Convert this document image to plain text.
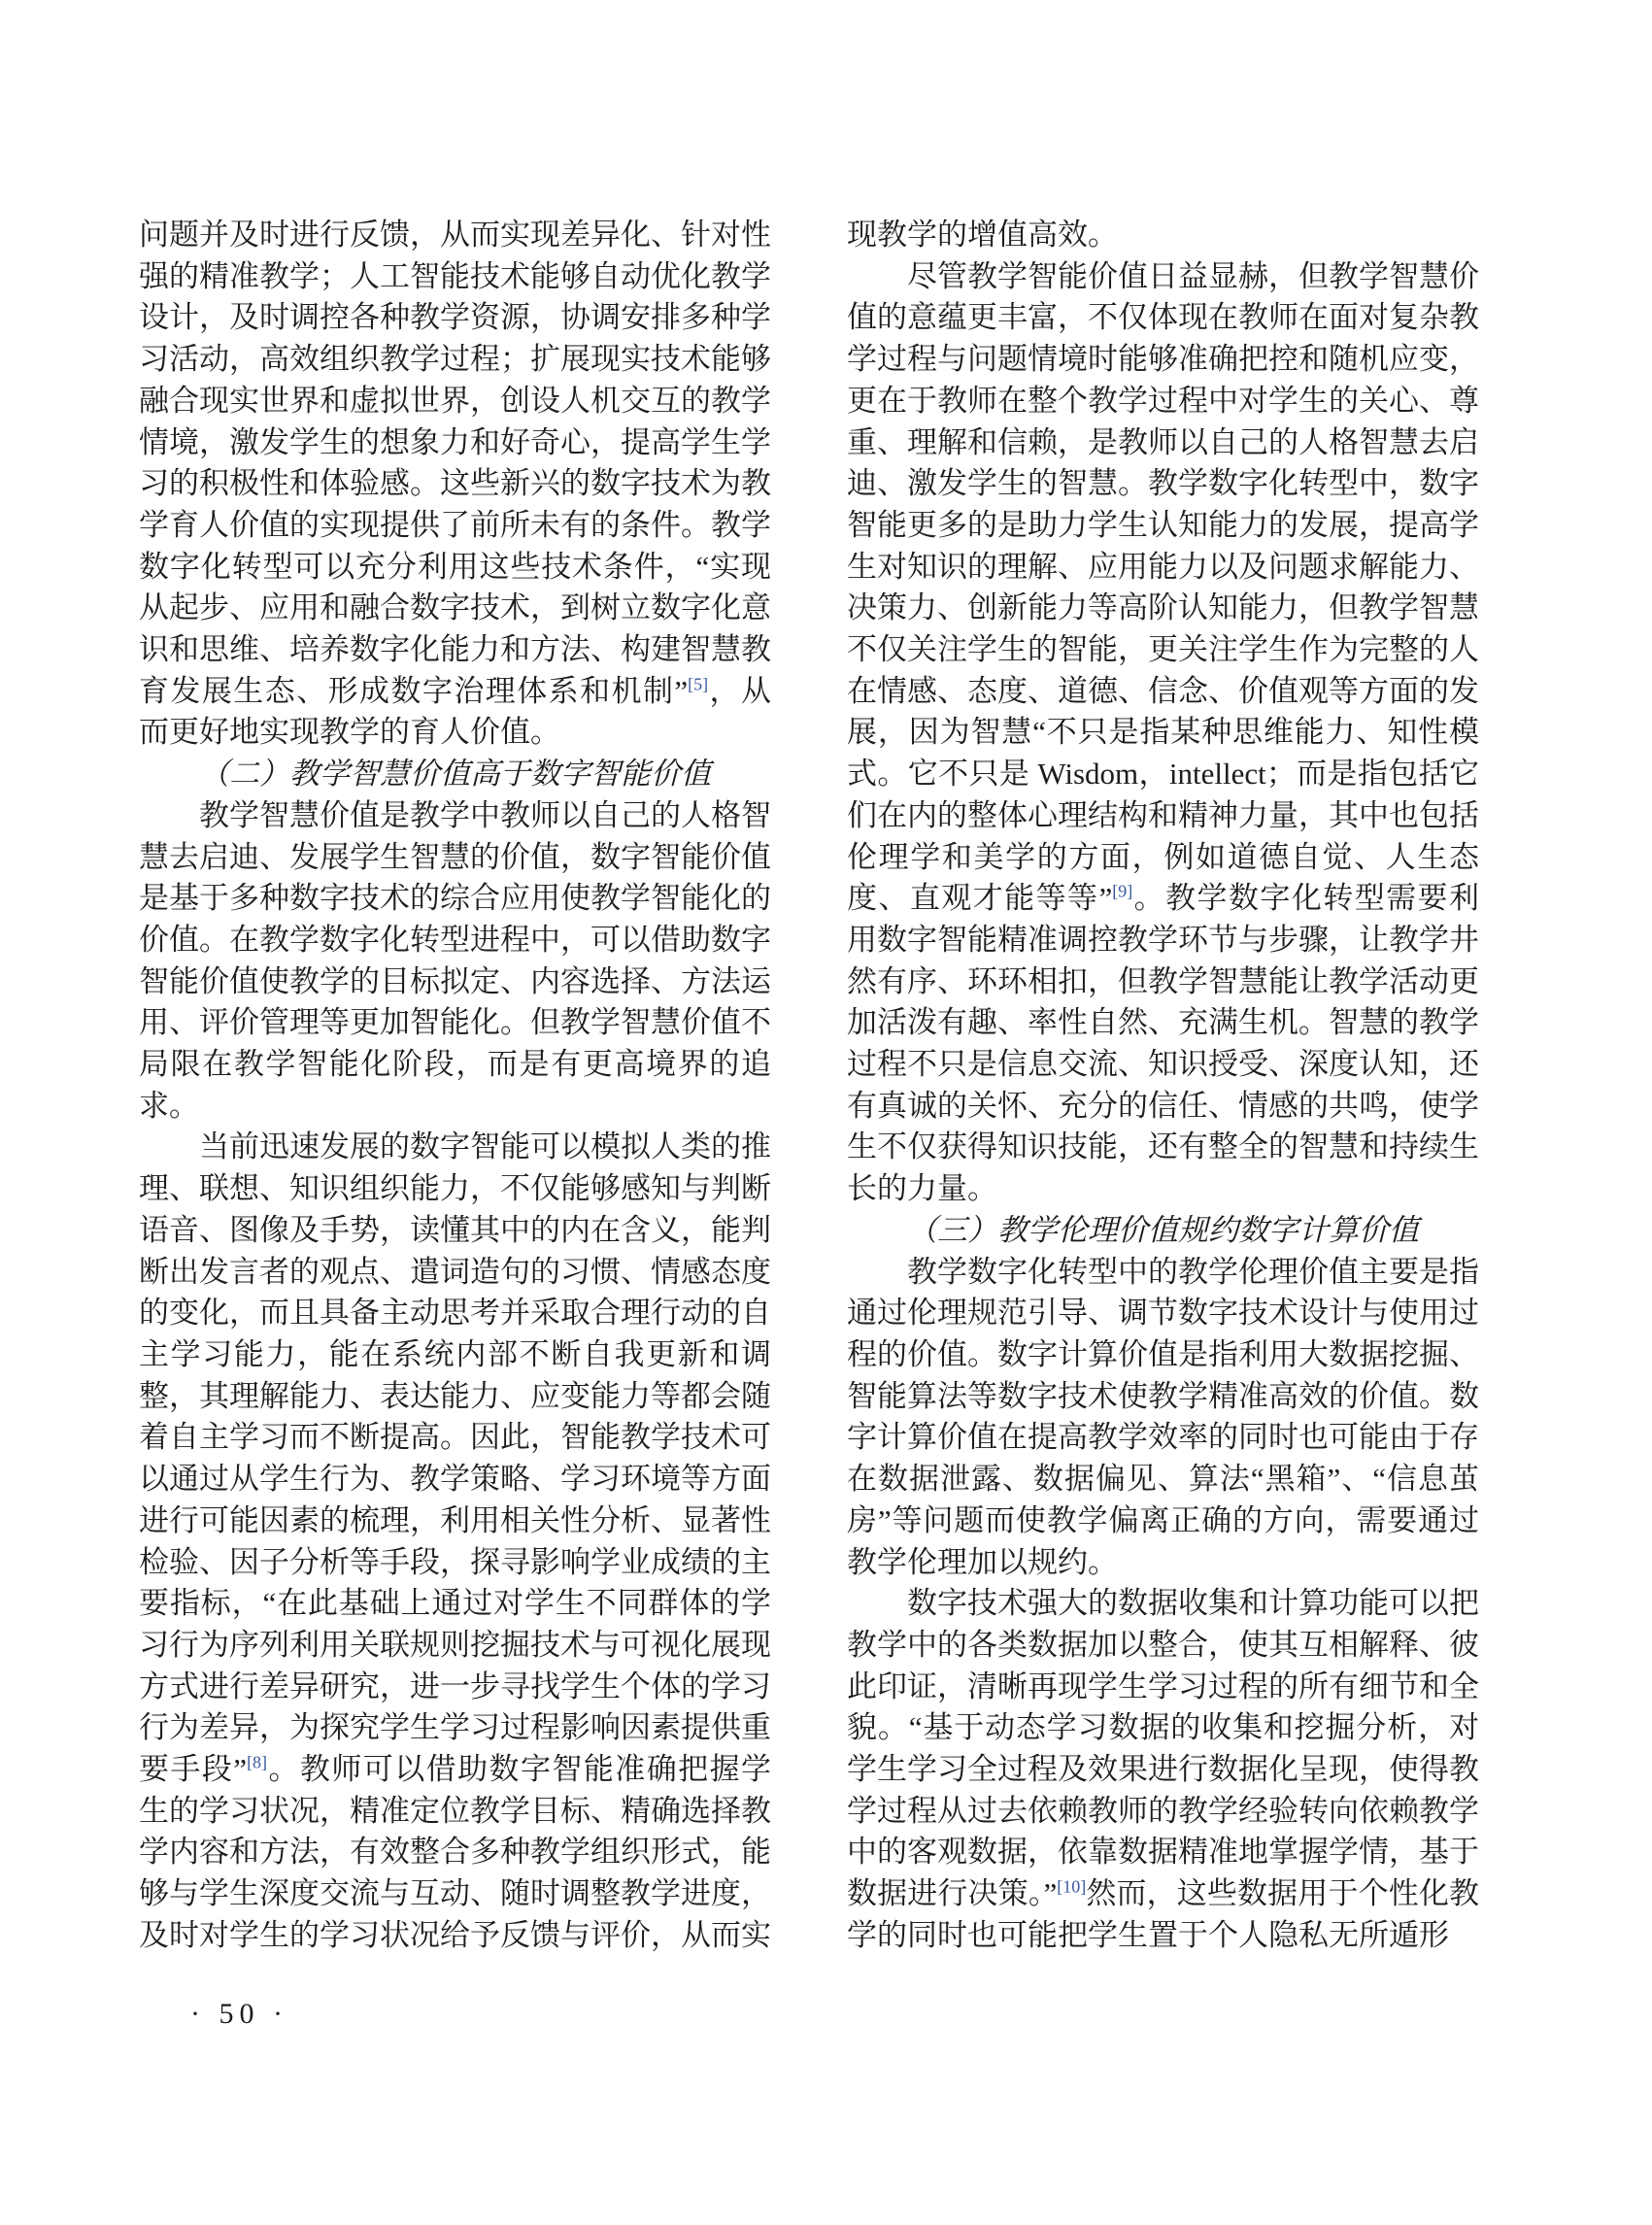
问题并及时进行反馈，从而实现差异化、针对性强的精准教学；人工智能技术能够自动优化教学设计，及时调控各种教学资源，协调安排多种学习活动，高效组织教学过程；扩展现实技术能够融合现实世界和虚拟世界，创设人机交互的教学情境，激发学生的想象力和好奇心，提高学生学习的积极性和体验感。这些新兴的数字技术为教学育人价值的实现提供了前所未有的条件。教学数字化转型可以充分利用这些技术条件，“实现从起步、应用和融合数字技术，到树立数字化意识和思维、培养数字化能力和方法、构建智慧教育发展生态、形成数字治理体系和机制”[5]，从而更好地实现教学的育人价值。

（二）教学智慧价值高于数字智能价值

教学智慧价值是教学中教师以自己的人格智慧去启迪、发展学生智慧的价值，数字智能价值是基于多种数字技术的综合应用使教学智能化的价值。在教学数字化转型进程中，可以借助数字智能价值使教学的目标拟定、内容选择、方法运用、评价管理等更加智能化。但教学智慧价值不局限在教学智能化阶段，而是有更高境界的追求。

当前迅速发展的数字智能可以模拟人类的推理、联想、知识组织能力，不仅能够感知与判断语音、图像及手势，读懂其中的内在含义，能判断出发言者的观点、遣词造句的习惯、情感态度的变化，而且具备主动思考并采取合理行动的自主学习能力，能在系统内部不断自我更新和调整，其理解能力、表达能力、应变能力等都会随着自主学习而不断提高。因此，智能教学技术可以通过从学生行为、教学策略、学习环境等方面进行可能因素的梳理，利用相关性分析、显著性检验、因子分析等手段，探寻影响学业成绩的主要指标，“在此基础上通过对学生不同群体的学习行为序列利用关联规则挖掘技术与可视化展现方式进行差异研究，进一步寻找学生个体的学习行为差异，为探究学生学习过程影响因素提供重要手段”[8]。教师可以借助数字智能准确把握学生的学习状况，精准定位教学目标、精确选择教学内容和方法，有效整合多种教学组织形式，能够与学生深度交流与互动、随时调整教学进度，及时对学生的学习状况给予反馈与评价，从而实

现教学的增值高效。

尽管教学智能价值日益显赫，但教学智慧价值的意蕴更丰富，不仅体现在教师在面对复杂教学过程与问题情境时能够准确把控和随机应变，更在于教师在整个教学过程中对学生的关心、尊重、理解和信赖，是教师以自己的人格智慧去启迪、激发学生的智慧。教学数字化转型中，数字智能更多的是助力学生认知能力的发展，提高学生对知识的理解、应用能力以及问题求解能力、决策力、创新能力等高阶认知能力，但教学智慧不仅关注学生的智能，更关注学生作为完整的人在情感、态度、道德、信念、价值观等方面的发展，因为智慧“不只是指某种思维能力、知性模式。它不只是 Wisdom，intellect；而是指包括它们在内的整体心理结构和精神力量，其中也包括伦理学和美学的方面，例如道德自觉、人生态度、直观才能等等”[9]。教学数字化转型需要利用数字智能精准调控教学环节与步骤，让教学井然有序、环环相扣，但教学智慧能让教学活动更加活泼有趣、率性自然、充满生机。智慧的教学过程不只是信息交流、知识授受、深度认知，还有真诚的关怀、充分的信任、情感的共鸣，使学生不仅获得知识技能，还有整全的智慧和持续生长的力量。

（三）教学伦理价值规约数字计算价值

教学数字化转型中的教学伦理价值主要是指通过伦理规范引导、调节数字技术设计与使用过程的价值。数字计算价值是指利用大数据挖掘、智能算法等数字技术使教学精准高效的价值。数字计算价值在提高教学效率的同时也可能由于存在数据泄露、数据偏见、算法“黑箱”、“信息茧房”等问题而使教学偏离正确的方向，需要通过教学伦理加以规约。

数字技术强大的数据收集和计算功能可以把教学中的各类数据加以整合，使其互相解释、彼此印证，清晰再现学生学习过程的所有细节和全貌。“基于动态学习数据的收集和挖掘分析，对学生学习全过程及效果进行数据化呈现，使得教学过程从过去依赖教师的教学经验转向依赖教学中的客观数据，依靠数据精准地掌握学情，基于数据进行决策。”[10]然而，这些数据用于个性化教学的同时也可能把学生置于个人隐私无所遁形

· 50 ·
